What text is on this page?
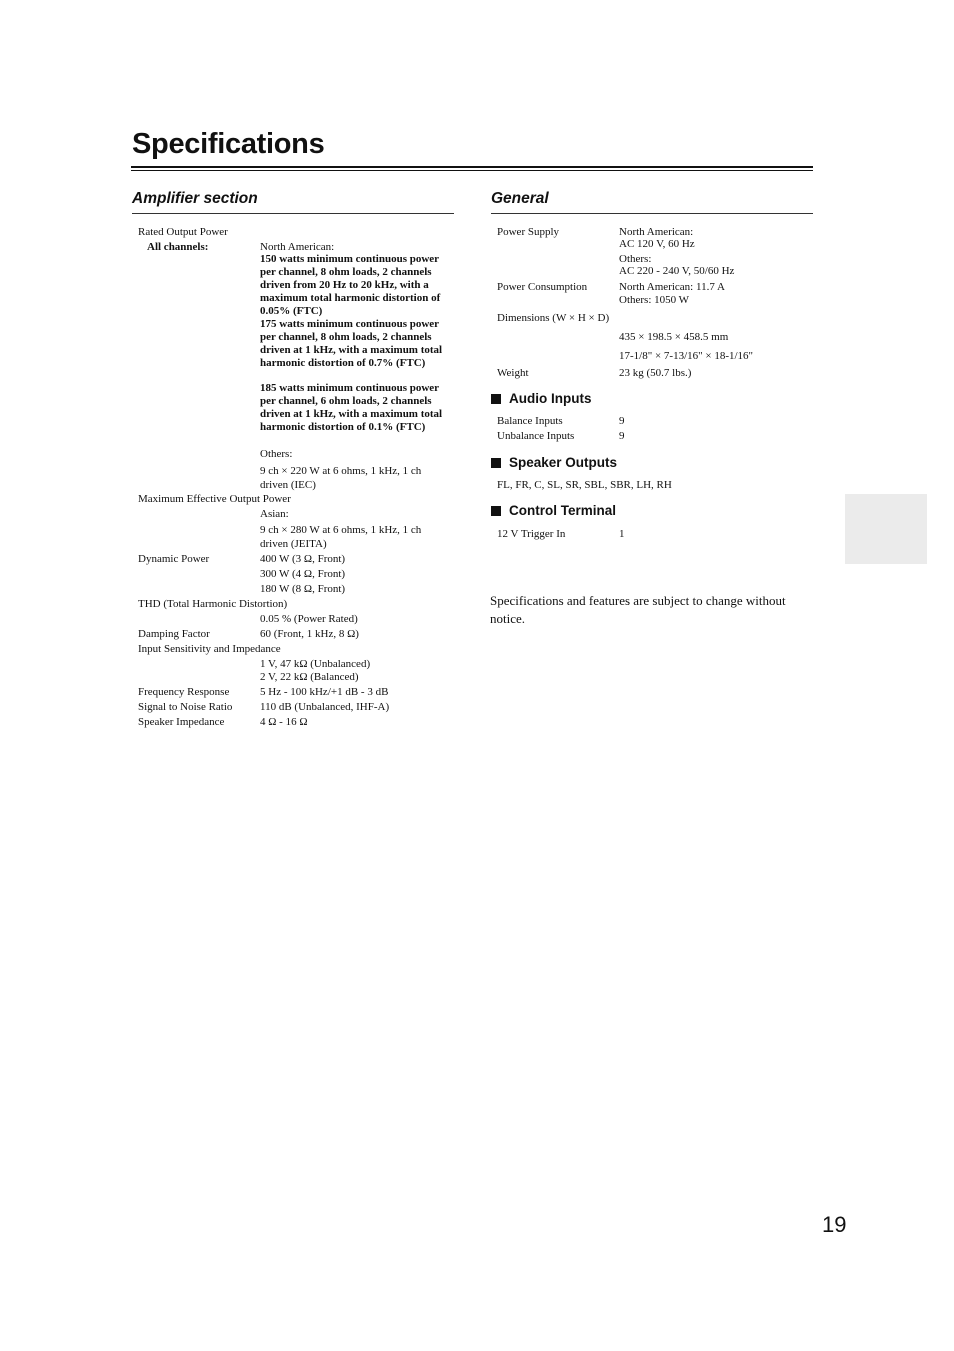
Specifications
Amplifier section
Rated Output Power
All channels:	North American:
150 watts minimum continuous power per channel, 8 ohm loads, 2 channels driven from 20 Hz to 20 kHz, with a maximum total harmonic distortion of 0.05% (FTC)
175 watts minimum continuous power per channel, 8 ohm loads, 2 channels driven at 1 kHz, with a maximum total harmonic distortion of 0.7% (FTC)
185 watts minimum continuous power per channel, 6 ohm loads, 2 channels driven at 1 kHz, with a maximum total harmonic distortion of 0.1% (FTC)
Others:
9 ch × 220 W at 6 ohms, 1 kHz, 1 ch driven (IEC)
Maximum Effective Output Power
Asian:
9 ch × 280 W at 6 ohms, 1 kHz, 1 ch driven (JEITA)
Dynamic Power	400 W (3 Ω, Front)
300 W (4 Ω, Front)
180 W (8 Ω, Front)
THD (Total Harmonic Distortion)
0.05 % (Power Rated)
Damping Factor	60 (Front, 1 kHz, 8 Ω)
Input Sensitivity and Impedance
1 V, 47 kΩ (Unbalanced)
2 V, 22 kΩ (Balanced)
Frequency Response	5 Hz - 100 kHz/+1 dB - 3 dB
Signal to Noise Ratio	110 dB (Unbalanced, IHF-A)
Speaker Impedance	4 Ω - 16 Ω
General
Power Supply	North American:
AC 120 V, 60 Hz
Others:
AC 220 - 240 V, 50/60 Hz
Power Consumption	North American: 11.7 A
Others: 1050 W
Dimensions (W × H × D)
435 × 198.5 × 458.5 mm
17-1/8" × 7-13/16" × 18-1/16"
Weight	23 kg (50.7 lbs.)
Audio Inputs
Balance Inputs	9
Unbalance Inputs	9
Speaker Outputs
FL, FR, C, SL, SR, SBL, SBR, LH, RH
Control Terminal
12 V Trigger In	1
Specifications and features are subject to change without notice.
19
